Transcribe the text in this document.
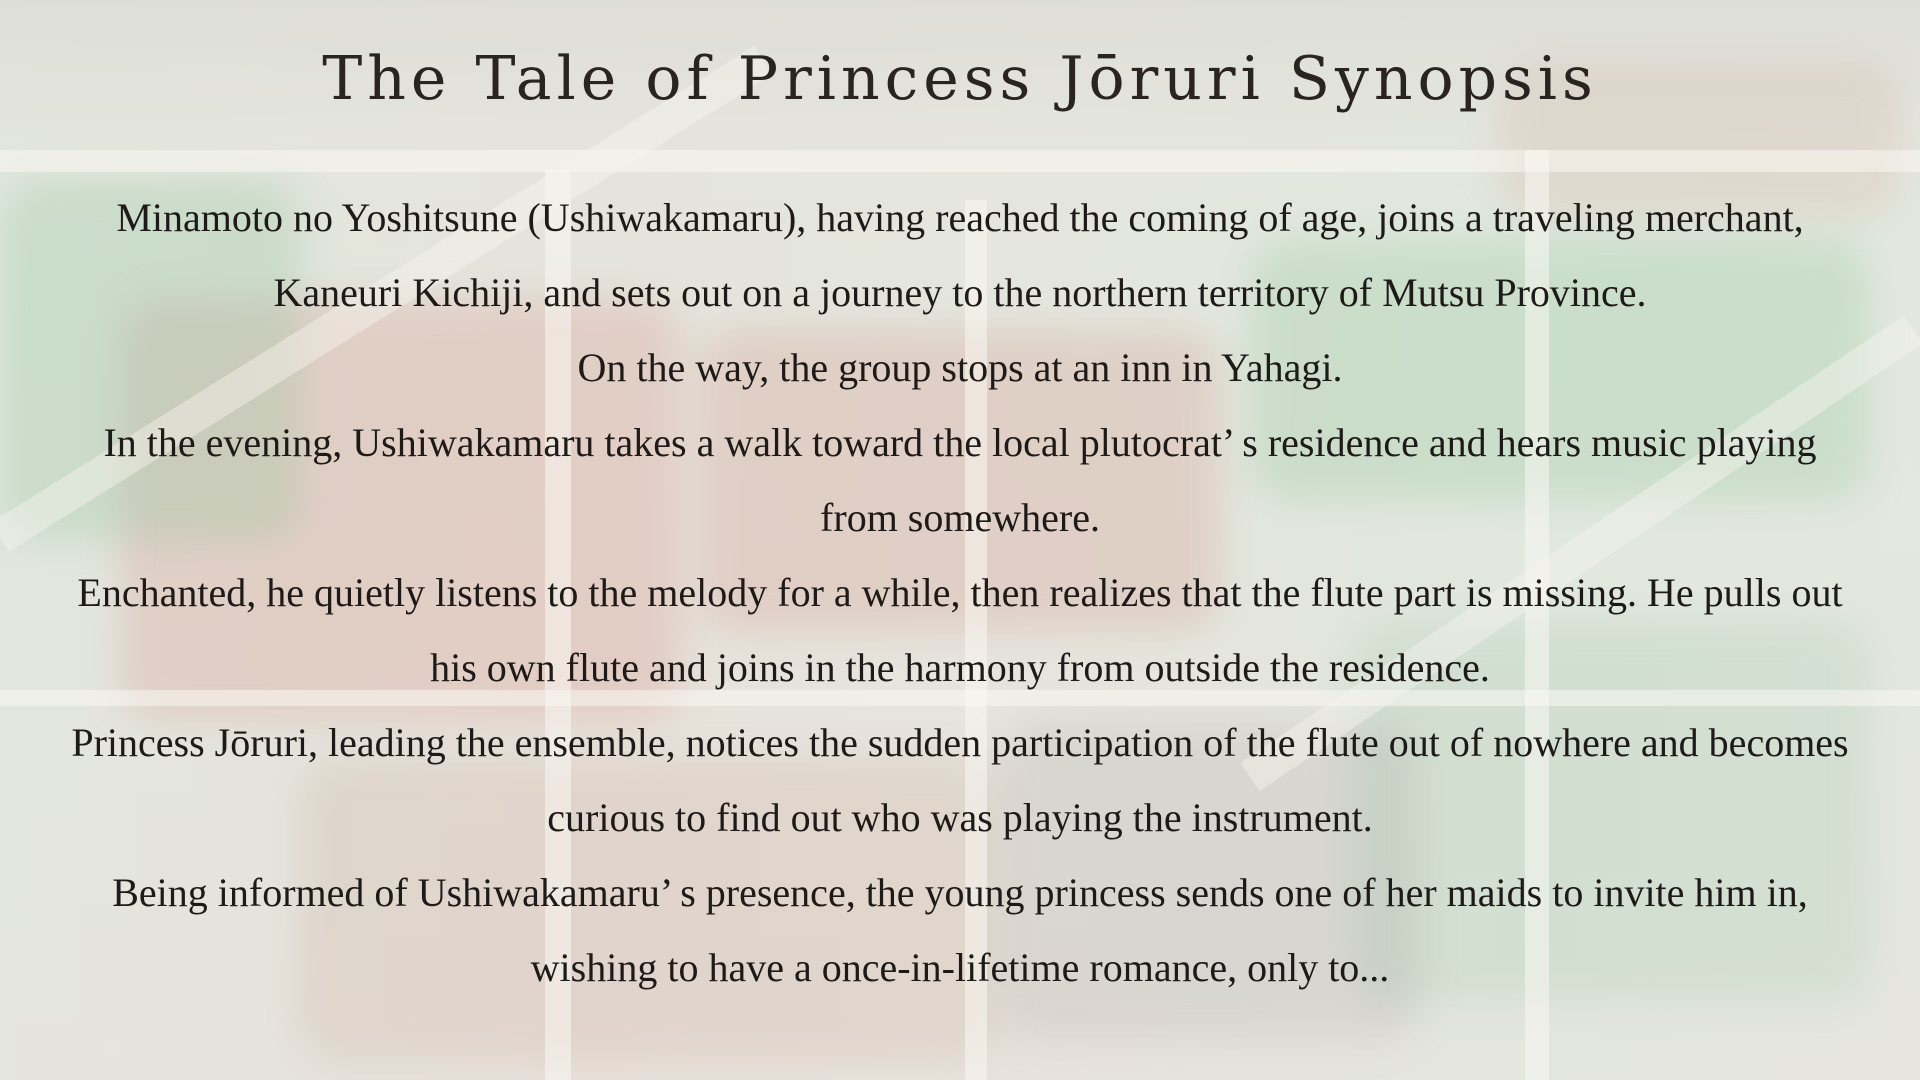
The Tale of Princess Jōruri Synopsis

Minamoto no Yoshitsune (Ushiwakamaru), having reached the coming of age, joins a traveling merchant, Kaneuri Kichiji, and sets out on a journey to the northern territory of Mutsu Province.

On the way, the group stops at an inn in Yahagi.

In the evening, Ushiwakamaru takes a walk toward the local plutocrat’ s residence and hears music playing from somewhere.

Enchanted, he quietly listens to the melody for a while, then realizes that the flute part is missing. He pulls out his own flute and joins in the harmony from outside the residence.

Princess Jōruri, leading the ensemble, notices the sudden participation of the flute out of nowhere and becomes curious to find out who was playing the instrument.

Being informed of Ushiwakamaru’ s presence, the young princess sends one of her maids to invite him in, wishing to have a once-in-lifetime romance, only to...
